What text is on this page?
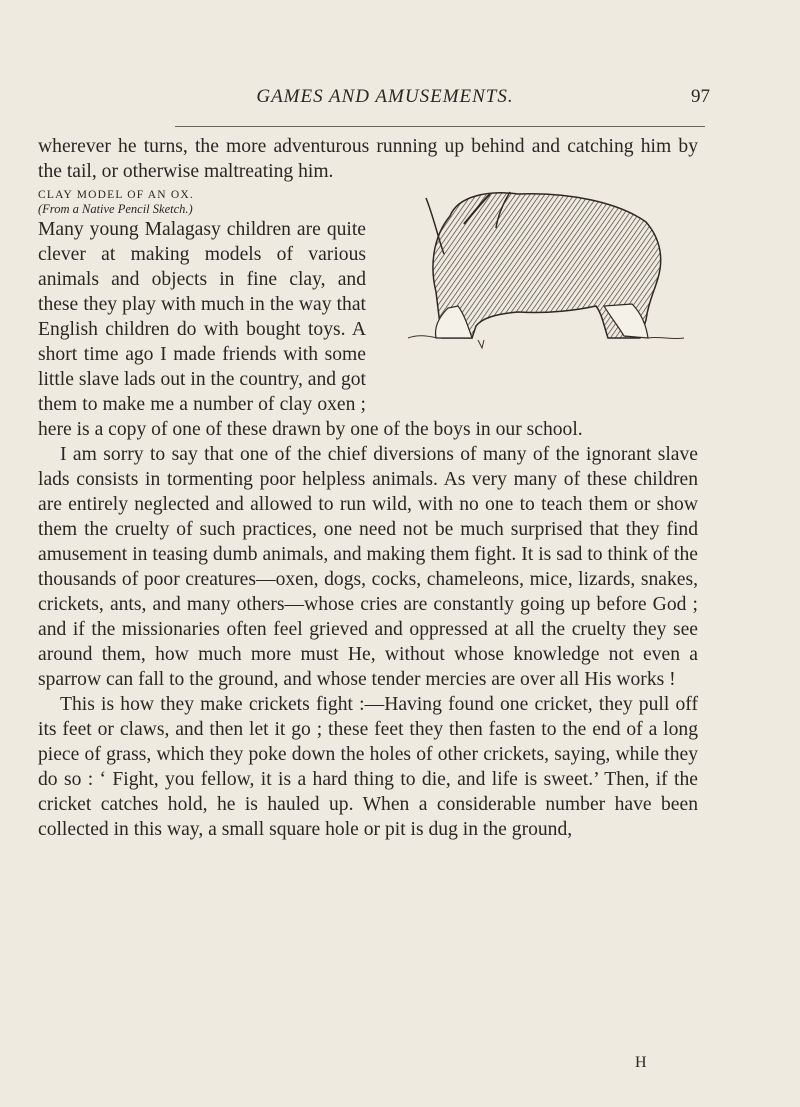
GAMES AND AMUSEMENTS.	97

wherever he turns, the more adventurous running up behind and catching him by the tail, or otherwise maltreating him.

CLAY MODEL OF AN OX.
(From a Native Pencil Sketch.)
Many young Malagasy children are quite clever at making models of various animals and objects in fine clay, and these they play with much in the way that English children do with bought toys. A short time ago I made friends with some little slave lads out in the country, and got them to make me a number of clay oxen ; here is a copy of one of these drawn by one of the boys in our school.

I am sorry to say that one of the chief diversions of many of the ignorant slave lads consists in tormenting poor helpless animals. As very many of these children are entirely neglected and allowed to run wild, with no one to teach them or show them the cruelty of such practices, one need not be much surprised that they find amusement in teasing dumb animals, and making them fight. It is sad to think of the thousands of poor creatures—oxen, dogs, cocks, chameleons, mice, lizards, snakes, crickets, ants, and many others—whose cries are constantly going up before God ; and if the missionaries often feel grieved and oppressed at all the cruelty they see around them, how much more must He, without whose knowledge not even a sparrow can fall to the ground, and whose tender mercies are over all His works !

This is how they make crickets fight :—Having found one cricket, they pull off its feet or claws, and then let it go ; these feet they then fasten to the end of a long piece of grass, which they poke down the holes of other crickets, saying, while they do so : ‘ Fight, you fellow, it is a hard thing to die, and life is sweet.’ Then, if the cricket catches hold, he is hauled up. When a considerable number have been collected in this way, a small square hole or pit is dug in the ground,

H
